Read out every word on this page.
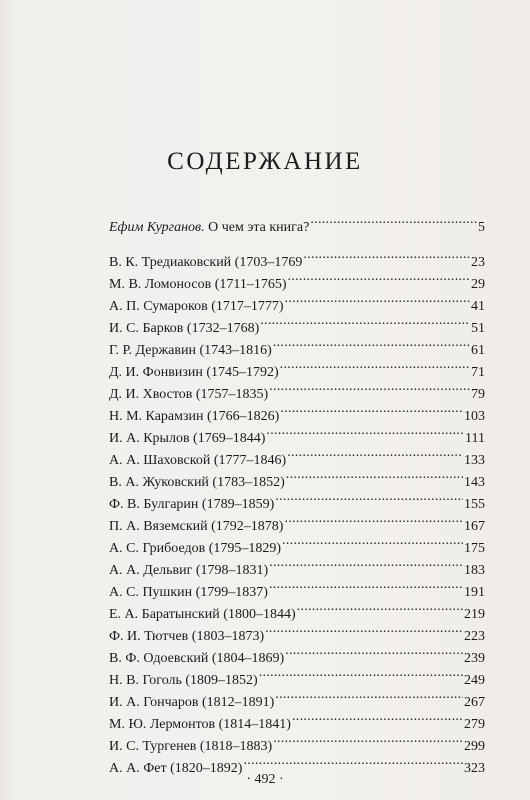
СОДЕРЖАНИЕ
Ефим Курганов. О чем эта книга? . . .	5
В. К. Тредиаковский (1703–1769 . . .	23
М. В. Ломоносов (1711–1765) . . .	29
А. П. Сумароков (1717–1777) . . .	41
И. С. Барков (1732–1768) . . .	51
Г. Р. Державин (1743–1816) . . .	61
Д. И. Фонвизин (1745–1792) . . .	71
Д. И. Хвостов (1757–1835) . . .	79
Н. М. Карамзин (1766–1826) . . .	103
И. А. Крылов (1769–1844) . . .	111
А. А. Шаховской (1777–1846) . . .	133
В. А. Жуковский (1783–1852) . . .	143
Ф. В. Булгарин (1789–1859) . . .	155
П. А. Вяземский (1792–1878) . . .	167
А. С. Грибоедов (1795–1829) . . .	175
А. А. Дельвиг (1798–1831) . . .	183
А. С. Пушкин (1799–1837) . . .	191
Е. А. Баратынский (1800–1844) . . .	219
Ф. И. Тютчев (1803–1873) . . .	223
В. Ф. Одоевский (1804–1869) . . .	239
Н. В. Гоголь (1809–1852) . . .	249
И. А. Гончаров (1812–1891) . . .	267
М. Ю. Лермонтов (1814–1841) . . .	279
И. С. Тургенев (1818–1883) . . .	299
А. А. Фет (1820–1892) . . .	323
· 492 ·
